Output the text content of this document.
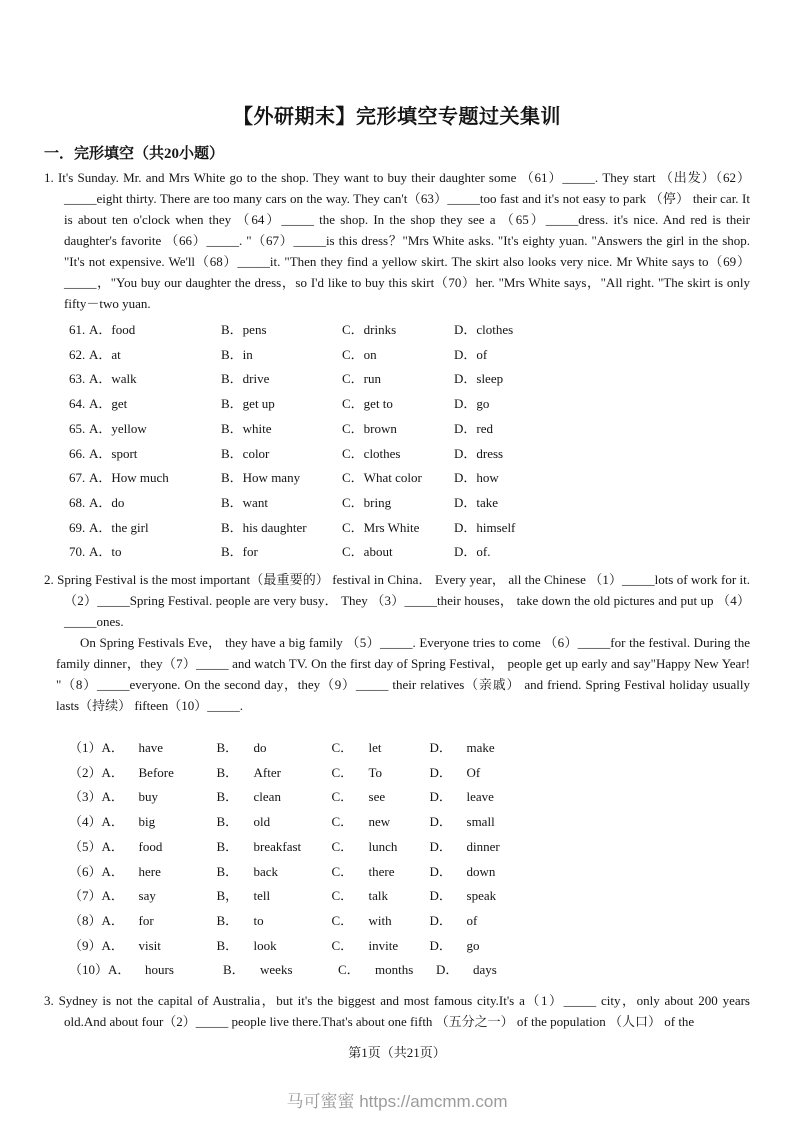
【外研期末】完形填空专题过关集训
一．完形填空（共20小题）

1. It's Sunday. Mr. and Mrs White go to the shop. They want to buy their daughter some （61）_____. They start （出发）（62）_____eight thirty. There are too many cars on the way. They can't（63）_____too fast and it's not easy to park （停） their car. It is about ten o'clock when they （64）_____ the shop. In the shop they see a （65）_____dress. it's nice. And red is their daughter's favorite （66）_____. "（67）_____is this dress？"Mrs White asks. "It's eighty yuan. "Answers the girl in the shop. "It's not expensive. We'll（68）_____it. "Then they find a yellow skirt. The skirt also looks very nice. Mr White says to（69）_____，"You buy our daughter the dress，so I'd like to buy this skirt（70）her. "Mrs White says，"All right. "The skirt is only fifty－two yuan.

61. A．food	B．pens	C．drinks	D．clothes
62. A．at	B．in	C．on	D．of
63. A．walk	B．drive	C．run	D．sleep
64. A．get	B．get up	C．get to	D．go
65. A．yellow	B．white	C．brown	D．red
66. A．sport	B．color	C．clothes	D．dress
67. A．How much	B．How many	C．What color	D．how
68. A．do	B．want	C．bring	D．take
69. A．the girl	B．his daughter	C．Mrs White	D．himself
70. A．to	B．for	C．about	D．of.

2. Spring Festival is the most important（最重要的） festival in China． Every year， all the Chinese （1）_____lots of work for it. （2）_____Spring Festival. people are very busy． They （3）_____their houses， take down the old pictures and put up （4）_____ones.

On Spring Festivals Eve， they have a big family （5）_____. Everyone tries to come （6）_____for the festival. During the family dinner，they（7）_____ and watch TV. On the first day of Spring Festival， people get up early and say"Happy New Year! "（8）_____everyone. On the second day，they（9）_____ their relatives（亲戚） and friend. Spring Festival holiday usually lasts（持续） fifteen（10）_____.

（1） A． have	B． do	C． let	D． make
（2） A． Before	B． After	C． To	D． Of
（3） A． buy	B． clean	C． see	D． leave
（4） A． big	B． old	C． new	D． small
（5） A． food	B． breakfast	C． lunch	D． dinner
（6） A． here	B． back	C． there	D． down
（7） A． say	B， tell	C． talk	D． speak
（8） A． for	B． to	C． with	D． of
（9） A． visit	B． look	C． invite	D． go
（10） A． hours	B． weeks	C． months	D． days

3. Sydney is not the capital of Australia，but it's the biggest and most famous city.It's a（1）_____ city，only about 200 years old.And about four（2）_____ people live there.That's about one fifth （五分之一） of the population （人口） of the

第1页（共21页）
马可蜜蜜 https://amcmm.com
